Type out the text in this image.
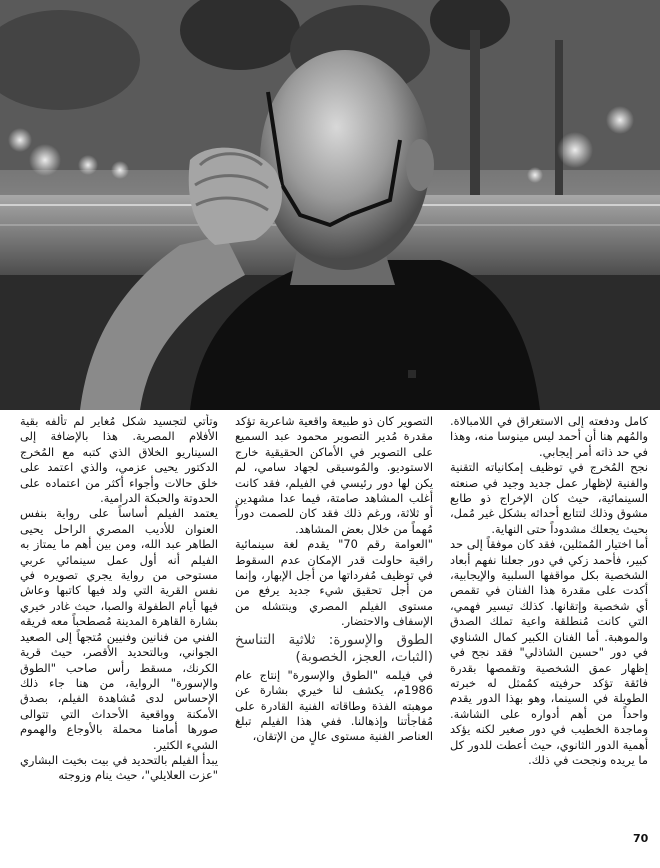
كامل ودفعته إلى الاستغراق في اللامبالاة. والمُهم هنا أن أحمد ليس مينوسا منه، وهذا في حد ذاته أمر إيجابي.

نجح المُخرج في توظيف إمكانياته التقنية والفنية لإظهار عمل جديد وجيد في صنعته السينمائية، حيث كان الإخراج ذو طابع مشوق وذلك لتتابع أحداثه بشكل غير مُمل، بحيث يجعلك مشدوداً حتى النهاية.

أما اختيار المُمثلين، فقد كان موفقاً إلى حد كبير، فأحمد زكي في دور جعلنا نفهم أبعاد الشخصية بكل مواقفها السلبية والإيجابية، أكدت على مقدرة هذا الفنان في تقمص أي شخصية وإتقانها. كذلك تيسير فهمي، التي كانت مُنطلقة واعية تملك الصدق والموهبة. أما الفنان الكبير كمال الشناوي في دور "حسين الشاذلي" فقد نجح في إظهار عمق الشخصية وتقمصها بقدرة فائقة تؤكد حرفيته كمُمثل له خبرته الطويلة في السينما، وهو بهذا الدور يقدم واحداً من أهم أدواره على الشاشة. وماجدة الخطيب في دور صغير لكنه يؤكد أهمية الدور الثانوي، حيث أعطت للدور كل ما يريده ونجحت في ذلك.

التصوير كان ذو طبيعة واقعية شاعرية تؤكد مقدرة مُدير التصوير محمود عبد السميع على التصوير في الأماكن الحقيقية خارج الاستوديو. والمُوسيقى لجهاد سامي، لم يكن لها دور رئيسي في الفيلم، فقد كانت أغلب المشاهد صامتة، فيما عدا مشهدين أو ثلاثة، ورغم ذلك فقد كان للصمت دوراً مُهماً من خلال بعض المشاهد.

"العوامة رقم 70" يقدم لغة سينمائية راقية حاولت قدر الإمكان عدم السقوط في توظيف مُفرداتها من أجل الإبهار، وإنما من أجل تحقيق شيء جديد يرفع من مستوى الفيلم المصري وينتشله من الإسفاف والاحتضار.

الطوق والإسورة: ثلاثية التناسخ (الثبات، العجز، الخصوبة)

في فيلمه "الطوق والإسورة" إنتاج عام 1986م، يكشف لنا خيري بشارة عن موهبته الفذة وطاقاته الفنية القادرة على مُفاجأتنا وإذهالنا. ففي هذا الفيلم تبلغ العناصر الفنية مستوى عالٍ من الإتقان،

وتأتي لتجسيد شكل مُغاير لم تألفه بقية الأفلام المصرية. هذا بالإضافة إلى السيناريو الخلاق الذي كتبه مع المُخرج الدكتور يحيى عزمي، والذي اعتمد على خلق حالات وأجواء أكثر من اعتماده على الحدوتة والحبكة الدرامية.

يعتمد الفيلم أساساً على رواية بنفس العنوان للأديب المصري الراحل يحيى الطاهر عبد الله، ومن بين أهم ما يمتاز به الفيلم أنه أول عمل سينمائي عربي مستوحى من رواية يجري تصويره في نفس القرية التي ولد فيها كاتبها وعاش فيها أيام الطفولة والصبا، حيث غادر خيري بشارة القاهرة المدينة مُصطحباً معه فريقه الفني من فنانين وفنيين مُتجهاً إلى الصعيد الجواني، وبالتحديد الأقصر، حيث قرية الكرنك، مسقط رأس صاحب "الطوق والإسورة" الرواية، من هنا جاء ذلك الإحساس لدى مُشاهدة الفيلم، بصدق الأمكنة وواقعية الأحداث التي تتوالى صورها أمامنا محملة بالأوجاع والهموم الشيء الكثير.

يبدأ الفيلم بالتحديد في بيت بخيت البشاري "عزت العلايلي"، حيث ينام وزوجته

70
